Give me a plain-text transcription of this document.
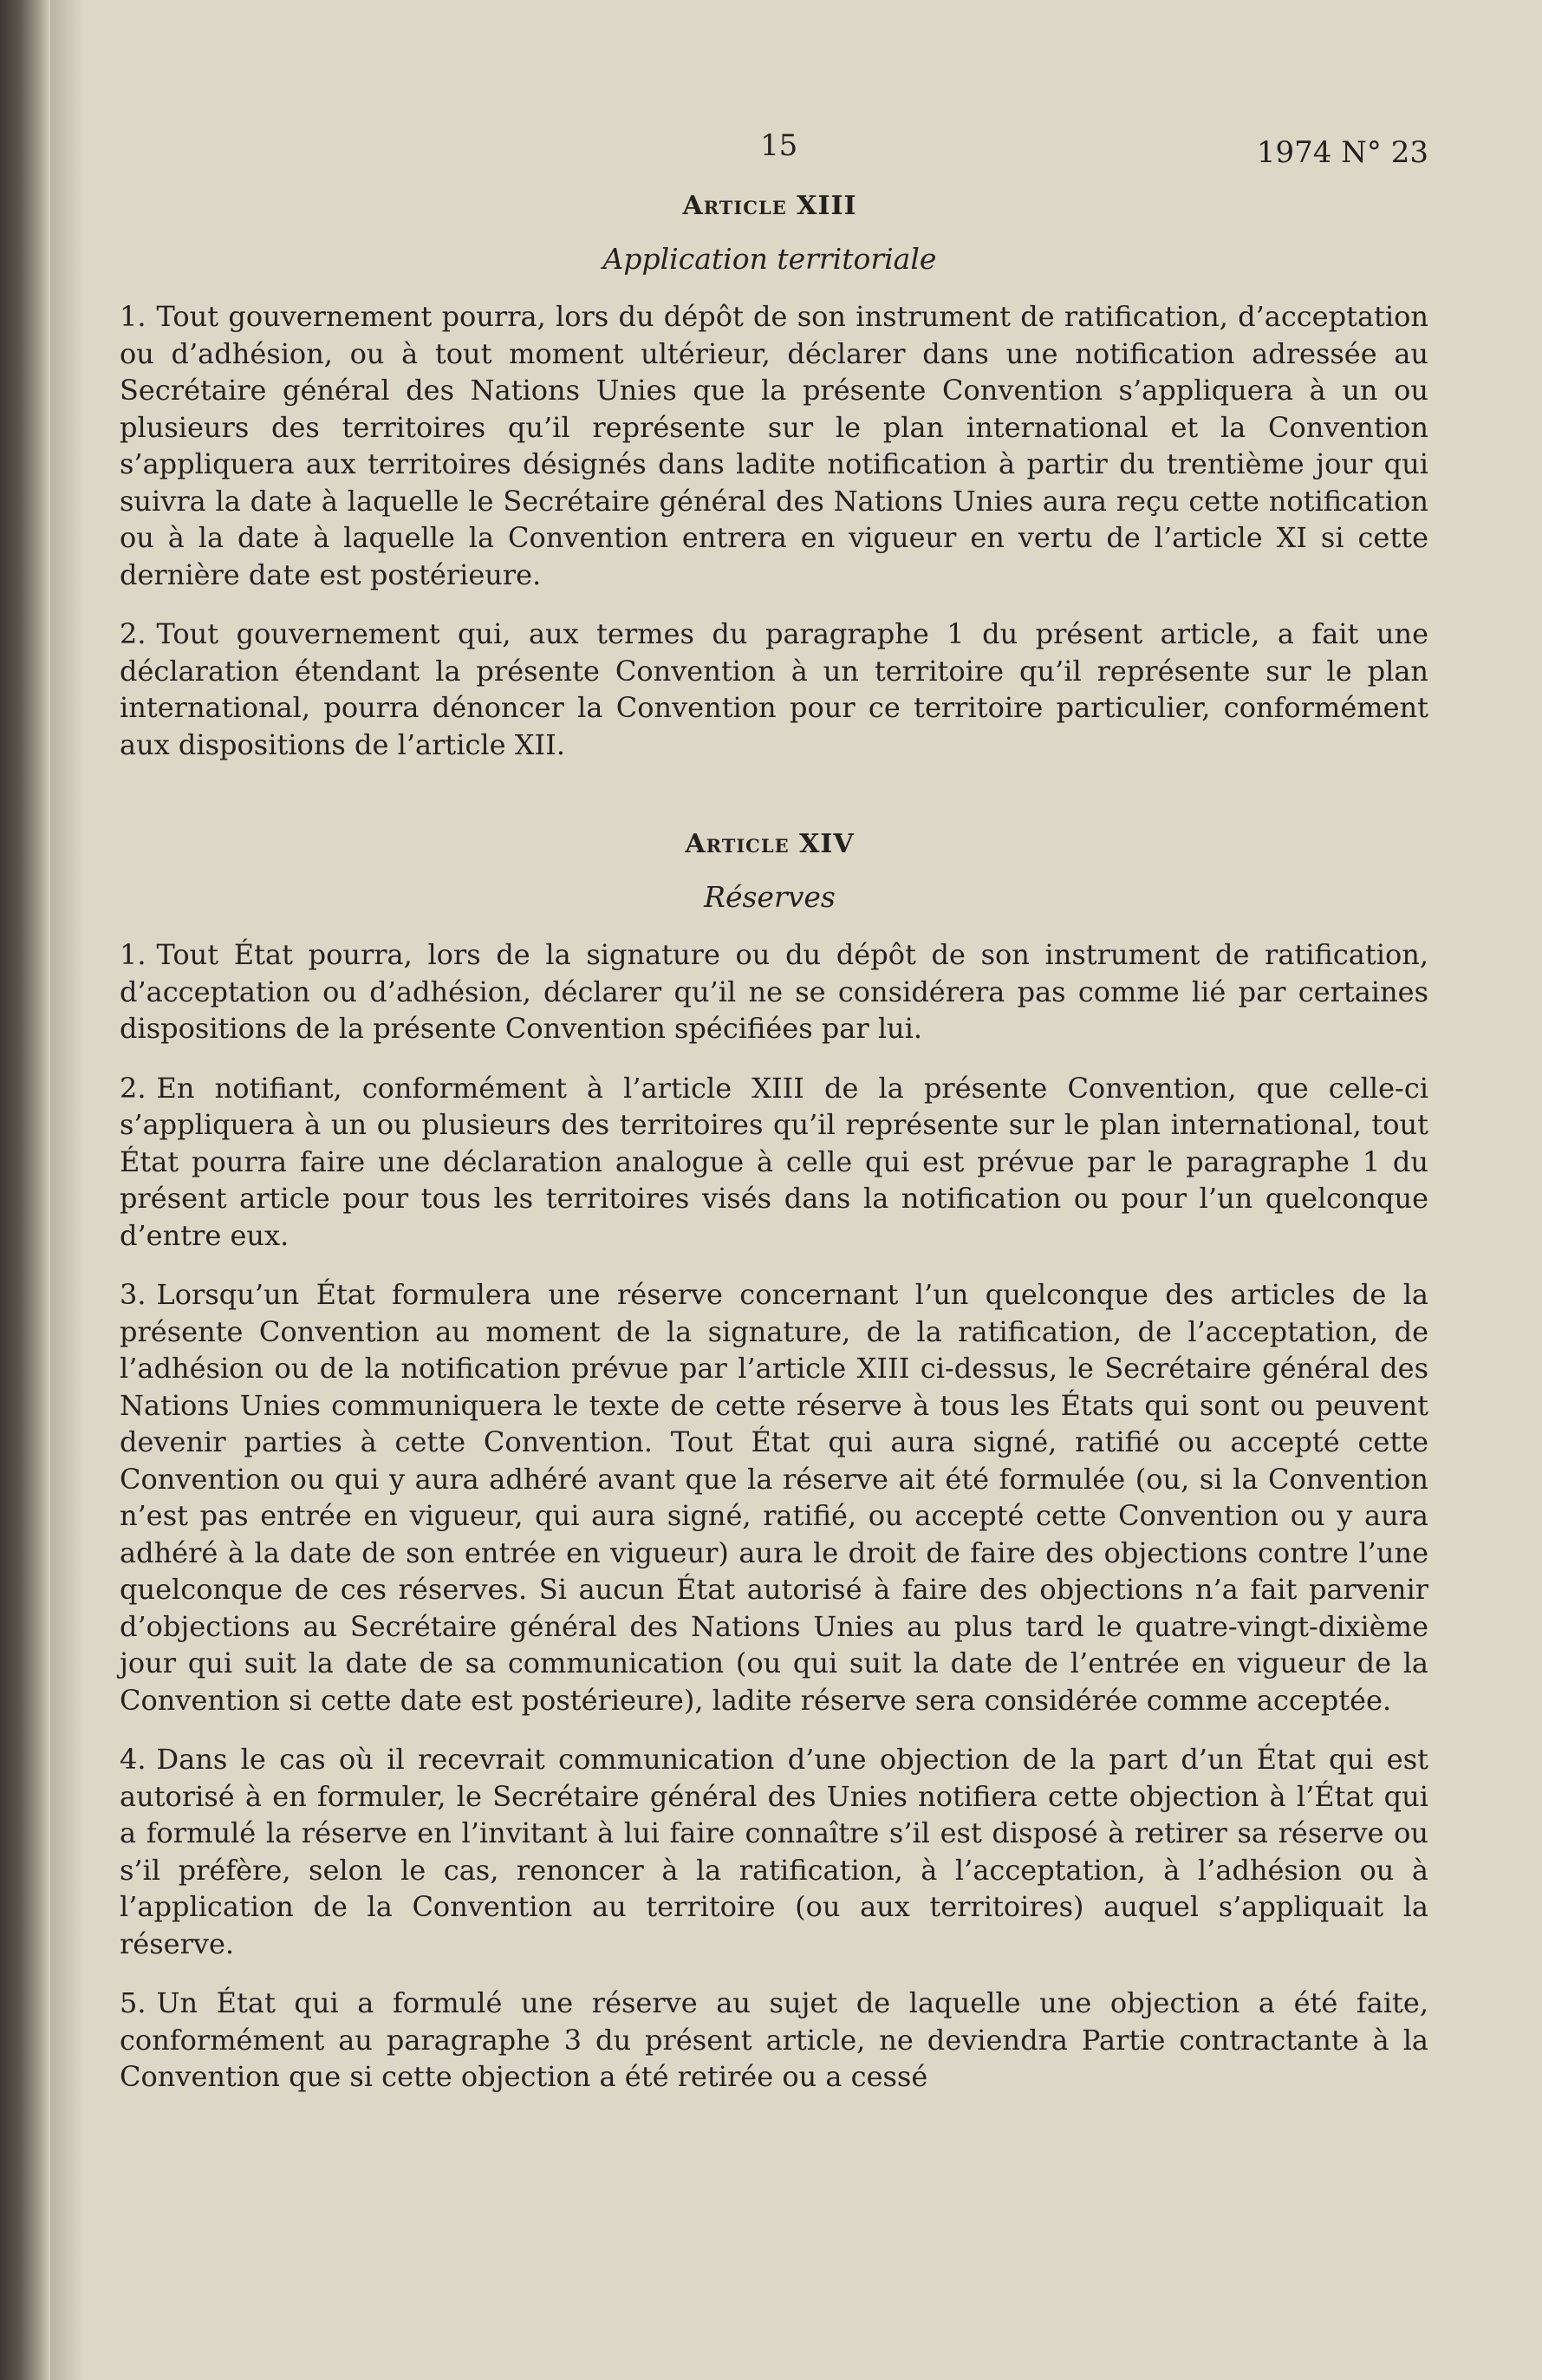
15	1974 N° 23
Article XIII
Application territoriale

1. Tout gouvernement pourra, lors du dépôt de son instrument de ratification, d’acceptation ou d’adhésion, ou à tout moment ultérieur, déclarer dans une notification adressée au Secrétaire général des Nations Unies que la présente Convention s’appliquera à un ou plusieurs des territoires qu’il représente sur le plan international et la Convention s’appliquera aux territoires désignés dans ladite notification à partir du trentième jour qui suivra la date à laquelle le Secrétaire général des Nations Unies aura reçu cette notification ou à la date à laquelle la Convention entrera en vigueur en vertu de l’article XI si cette dernière date est postérieure.

2. Tout gouvernement qui, aux termes du paragraphe 1 du présent article, a fait une déclaration étendant la présente Convention à un territoire qu’il représente sur le plan international, pourra dénoncer la Convention pour ce territoire particulier, conformément aux dispositions de l’article XII.

Article XIV
Réserves

1. Tout État pourra, lors de la signature ou du dépôt de son instrument de ratification, d’acceptation ou d’adhésion, déclarer qu’il ne se considérera pas comme lié par certaines dispositions de la présente Convention spécifiées par lui.

2. En notifiant, conformément à l’article XIII de la présente Convention, que celle-ci s’appliquera à un ou plusieurs des territoires qu’il représente sur le plan international, tout État pourra faire une déclaration analogue à celle qui est prévue par le paragraphe 1 du présent article pour tous les territoires visés dans la notification ou pour l’un quelconque d’entre eux.

3. Lorsqu’un État formulera une réserve concernant l’un quelconque des articles de la présente Convention au moment de la signature, de la ratification, de l’acceptation, de l’adhésion ou de la notification prévue par l’article XIII ci-dessus, le Secrétaire général des Nations Unies communiquera le texte de cette réserve à tous les États qui sont ou peuvent devenir parties à cette Convention. Tout État qui aura signé, ratifié ou accepté cette Convention ou qui y aura adhéré avant que la réserve ait été formulée (ou, si la Convention n’est pas entrée en vigueur, qui aura signé, ratifié, ou accepté cette Convention ou y aura adhéré à la date de son entrée en vigueur) aura le droit de faire des objections contre l’une quelconque de ces réserves. Si aucun État autorisé à faire des objections n’a fait parvenir d’objections au Secrétaire général des Nations Unies au plus tard le quatre-vingt-dixième jour qui suit la date de sa communication (ou qui suit la date de l’entrée en vigueur de la Convention si cette date est postérieure), ladite réserve sera considérée comme acceptée.

4. Dans le cas où il recevrait communication d’une objection de la part d’un État qui est autorisé à en formuler, le Secrétaire général des Unies notifiera cette objection à l’État qui a formulé la réserve en l’invitant à lui faire connaître s’il est disposé à retirer sa réserve ou s’il préfère, selon le cas, renoncer à la ratification, à l’acceptation, à l’adhésion ou à l’application de la Convention au territoire (ou aux territoires) auquel s’appliquait la réserve.

5. Un État qui a formulé une réserve au sujet de laquelle une objection a été faite, conformément au paragraphe 3 du présent article, ne deviendra Partie contractante à la Convention que si cette objection a été retirée ou a cessé
